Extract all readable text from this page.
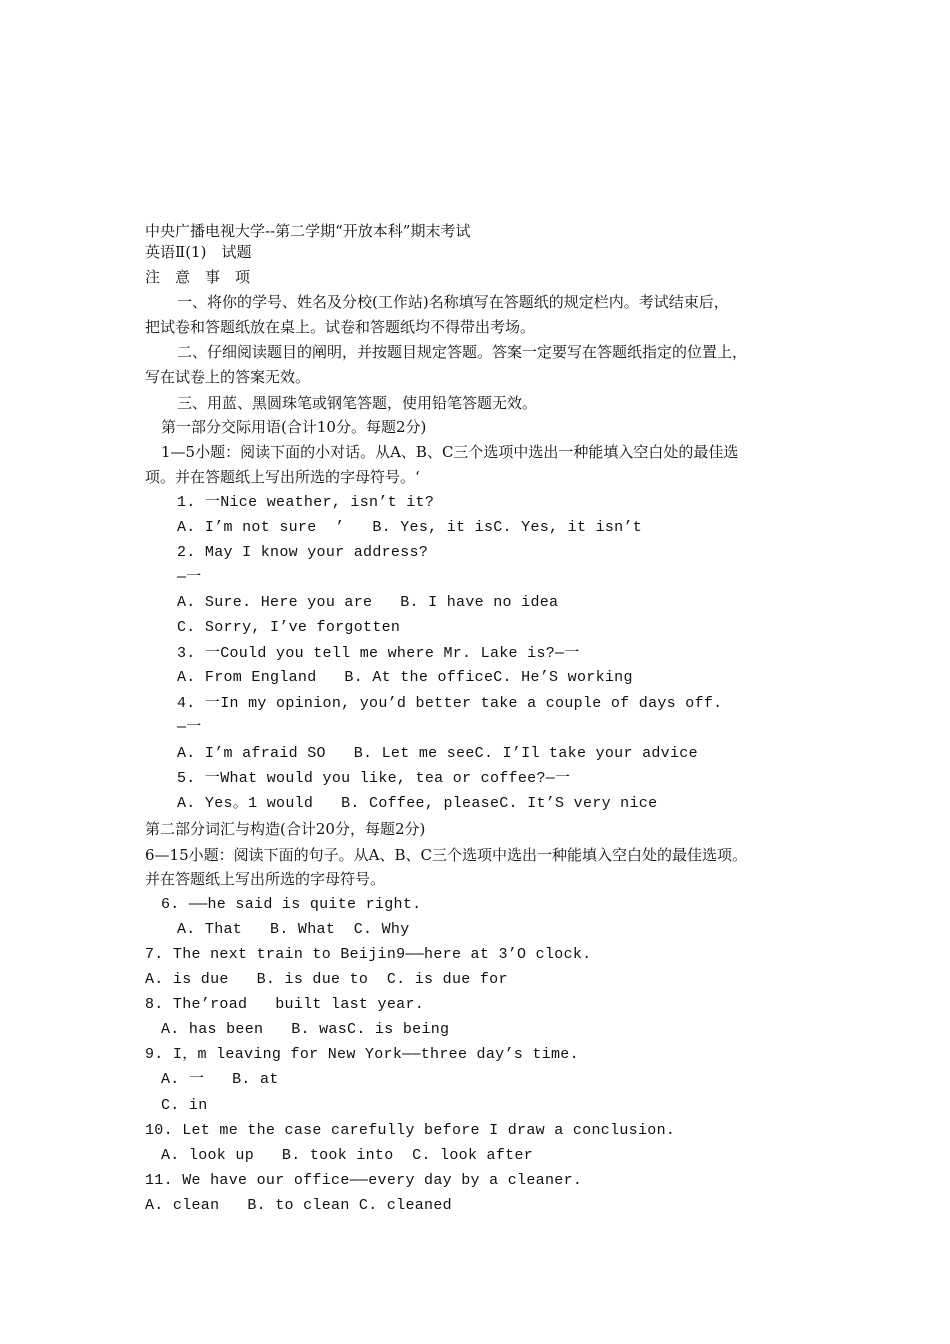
中央广播电视大学--第二学期“开放本科”期末考试
英语Ⅱ(1)　试题
注　意　事　项
一、将你的学号、姓名及分校(工作站)名称填写在答题纸的规定栏内。考试结束后，
把试卷和答题纸放在桌上。试卷和答题纸均不得带出考场。
二、仔细阅读题目的阐明，并按题目规定答题。答案一定要写在答题纸指定的位置上，
写在试卷上的答案无效。
三、用蓝、黑圆珠笔或钢笔答题，使用铅笔答题无效。
第一部分交际用语(合计10分。每题2分)
1—5小题：阅读下面的小对话。从A、B、C三个选项中选出一种能填入空白处的最佳选
项。并在答题纸上写出所选的字母符号。‘
1. 一Nice weather, isn’t it?
A. I’m not sure  ’   B. Yes, it isC. Yes, it isn’t
2. May I know your address?
—一
A. Sure. Here you are   B. I have no idea
C. Sorry, I’ve forgotten
3. 一Could you tell me where Mr. Lake is?—一
A. From England   B. At the officeC. He’S working
4. 一In my opinion, you’d better take a couple of days off.
—一
A. I’m afraid SO   B. Let me seeC. I’Il take your advice
5. 一What would you like, tea or coffee?—一
A. Yes。1 would   B. Coffee, pleaseC. It’S very nice
第二部分词汇与构造(合计20分，每题2分)
6—15小题：阅读下面的句子。从A、B、C三个选项中选出一种能填入空白处的最佳选项。
并在答题纸上写出所选的字母符号。
6. ——he said is quite right.
A. That   B. What  C. Why
7. The next train to Beijin9——here at 3’O clock.
A. is due   B. is due to  C. is due for
8. The’road   built last year.
A. has been   B. wasC. is being
9. I，m leaving for New York——three day’s time.
A. 一   B. at
C. in
10. Let me the case carefully before I draw a conclusion.
A. look up   B. took into  C. look after
11. We have our office——every day by a cleaner.
A. clean   B. to clean C. cleaned
